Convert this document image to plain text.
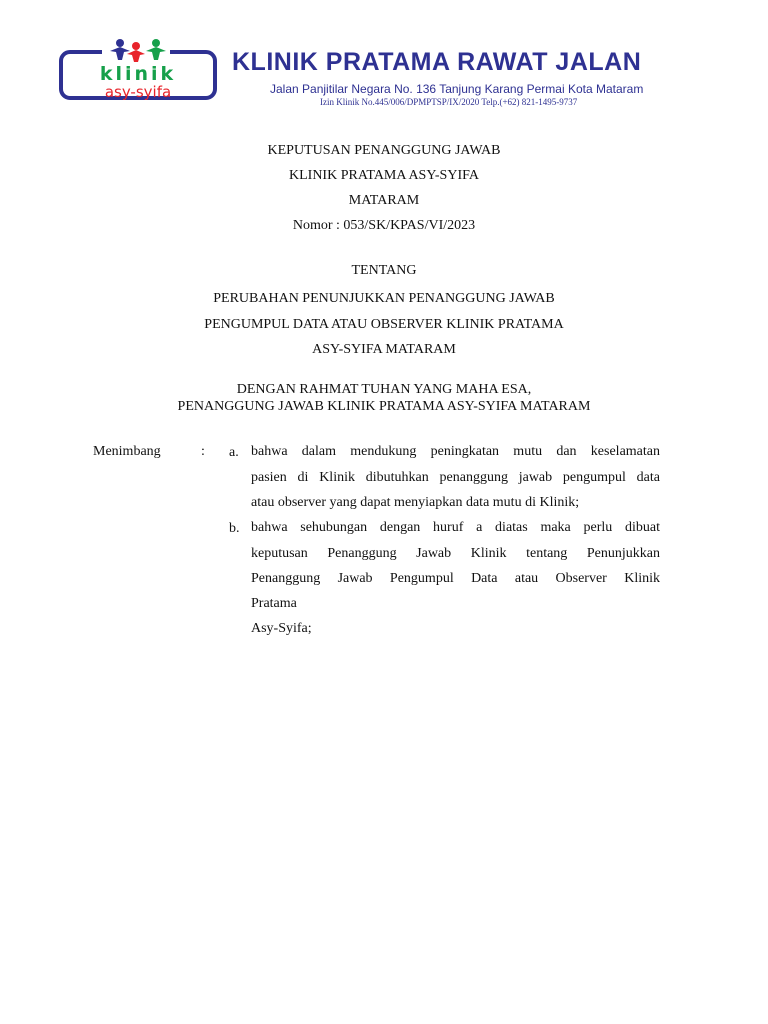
klinik
asy-syifa
KLINIK PRATAMA RAWAT JALAN
Jalan Panjitilar Negara No. 136 Tanjung Karang Permai Kota Mataram
Izin Klinik No.445/006/DPMPTSP/IX/2020 Telp.(+62) 821-1495-9737
KEPUTUSAN PENANGGUNG JAWAB
KLINIK PRATAMA ASY-SYIFA
MATARAM
Nomor : 053/SK/KPAS/VI/2023
TENTANG
PERUBAHAN PENUNJUKKAN PENANGGUNG JAWAB
PENGUMPUL DATA ATAU OBSERVER KLINIK PRATAMA
ASY-SYIFA MATARAM
DENGAN RAHMAT TUHAN YANG MAHA ESA,
PENANGGUNG JAWAB KLINIK PRATAMA ASY-SYIFA MATARAM
Menimbang	: a. bahwa dalam mendukung peningkatan mutu dan keselamatan
pasien di Klinik dibutuhkan penanggung jawab pengumpul data
atau observer yang dapat menyiapkan data mutu di Klinik;
b. bahwa sehubungan dengan huruf a diatas maka perlu dibuat
keputusan Penanggung Jawab Klinik tentang Penunjukkan
Penanggung Jawab Pengumpul Data atau Observer Klinik
Pratama
Asy-Syifa;
